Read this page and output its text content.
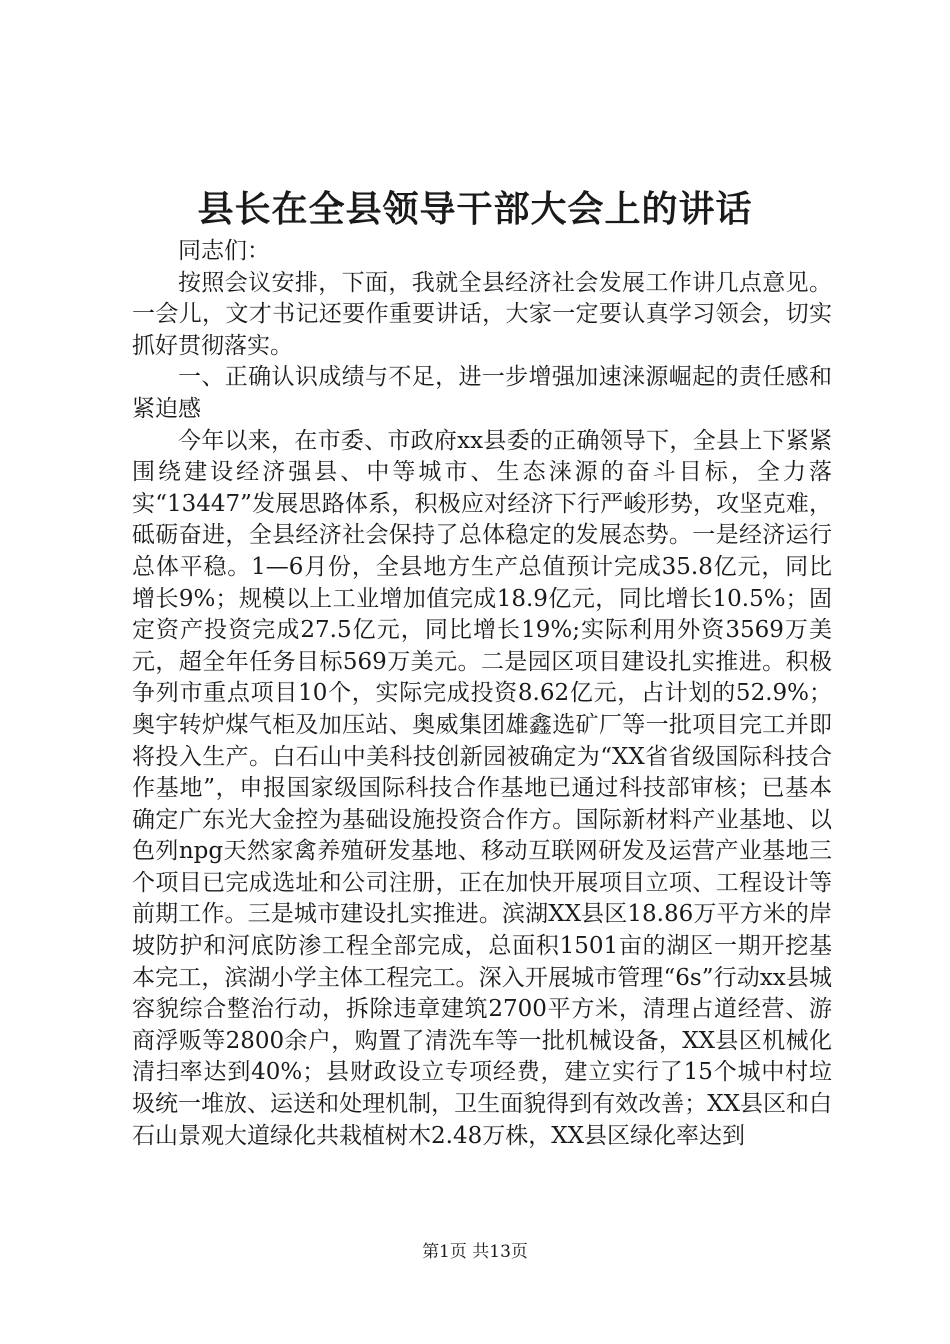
县长在全县领导干部大会上的讲话

同志们：

按照会议安排，下面，我就全县经济社会发展工作讲几点意见。一会儿，文才书记还要作重要讲话，大家一定要认真学习领会，切实抓好贯彻落实。

一、正确认识成绩与不足，进一步增强加速涞源崛起的责任感和紧迫感

今年以来，在市委、市政府xx县委的正确领导下，全县上下紧紧围绕建设经济强县、中等城市、生态涞源的奋斗目标，全力落实“13447”发展思路体系，积极应对经济下行严峻形势，攻坚克难，砥砺奋进，全县经济社会保持了总体稳定的发展态势。一是经济运行总体平稳。1—6月份，全县地方生产总值预计完成35.8亿元，同比增长9%；规模以上工业增加值完成18.9亿元，同比增长10.5%；固定资产投资完成27.5亿元，同比增长19%;实际利用外资3569万美元，超全年任务目标569万美元。二是园区项目建设扎实推进。积极争列市重点项目10个，实际完成投资8.62亿元，占计划的52.9%；奥宇转炉煤气柜及加压站、奥威集团雄鑫选矿厂等一批项目完工并即将投入生产。白石山中美科技创新园被确定为“XX省省级国际科技合作基地”，申报国家级国际科技合作基地已通过科技部审核；已基本确定广东光大金控为基础设施投资合作方。国际新材料产业基地、以色列npg天然家禽养殖研发基地、移动互联网研发及运营产业基地三个项目已完成选址和公司注册，正在加快开展项目立项、工程设计等前期工作。三是城市建设扎实推进。滨湖XX县区18.86万平方米的岸坡防护和河底防渗工程全部完成，总面积1501亩的湖区一期开挖基本完工，滨湖小学主体工程完工。深入开展城市管理“6s”行动xx县城容貌综合整治行动，拆除违章建筑2700平方米，清理占道经营、游商浮贩等2800余户，购置了清洗车等一批机械设备，XX县区机械化清扫率达到40%；县财政设立专项经费，建立实行了15个城中村垃圾统一堆放、运送和处理机制，卫生面貌得到有效改善；XX县区和白石山景观大道绿化共栽植树木2.48万株，XX县区绿化率达到

第1页 共13页
